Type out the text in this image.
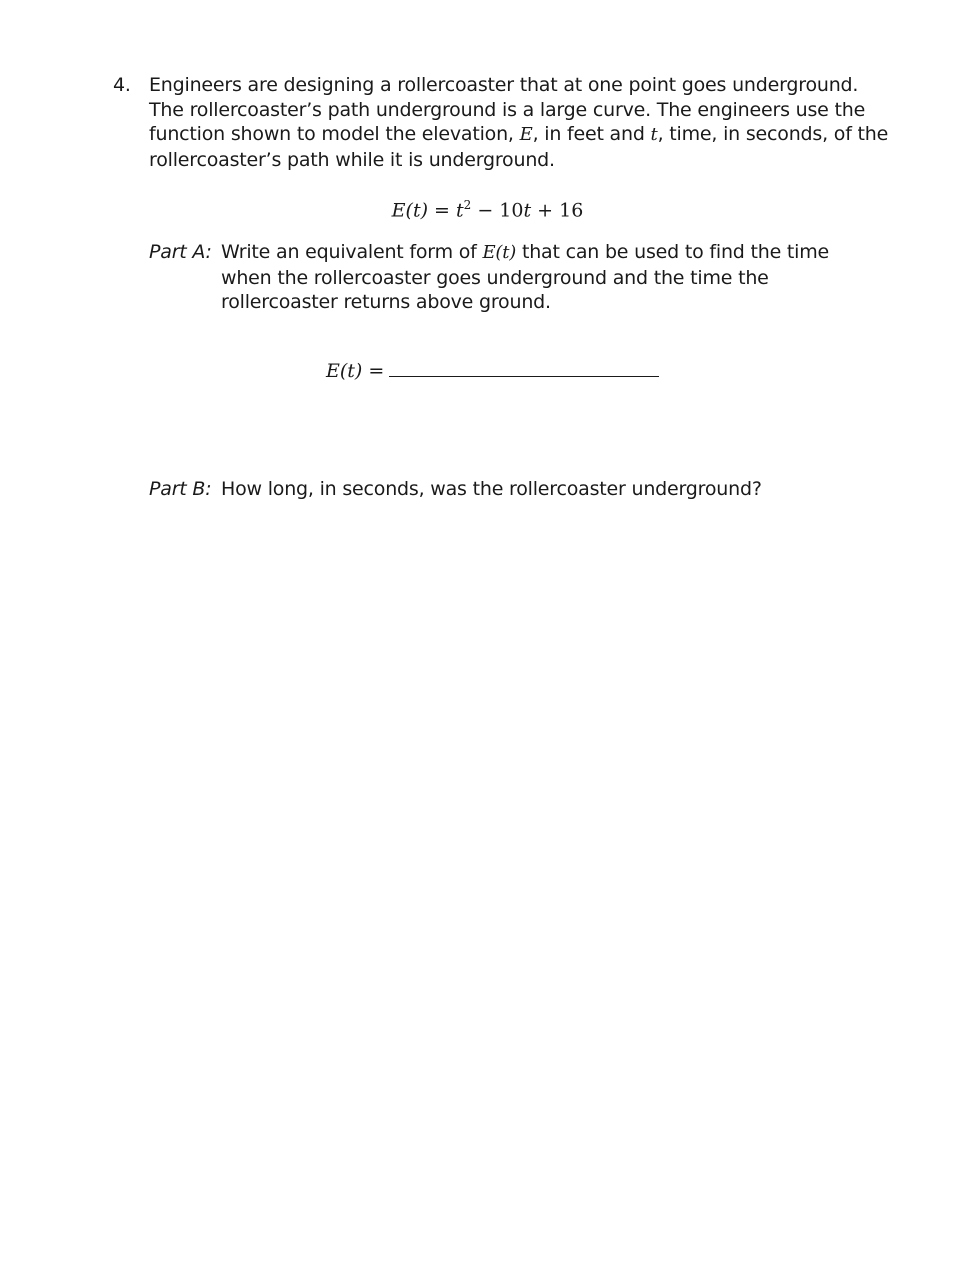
4. Engineers are designing a rollercoaster that at one point goes underground. The rollercoaster’s path underground is a large curve. The engineers use the function shown to model the elevation, E, in feet and t, time, in seconds, of the rollercoaster’s path while it is underground.
$E(t) = t^2 - 10t + 16$
Part A: Write an equivalent form of E(t) that can be used to find the time when the rollercoaster goes underground and the time the rollercoaster returns above ground.
E(t) =
Part B: How long, in seconds, was the rollercoaster underground?
